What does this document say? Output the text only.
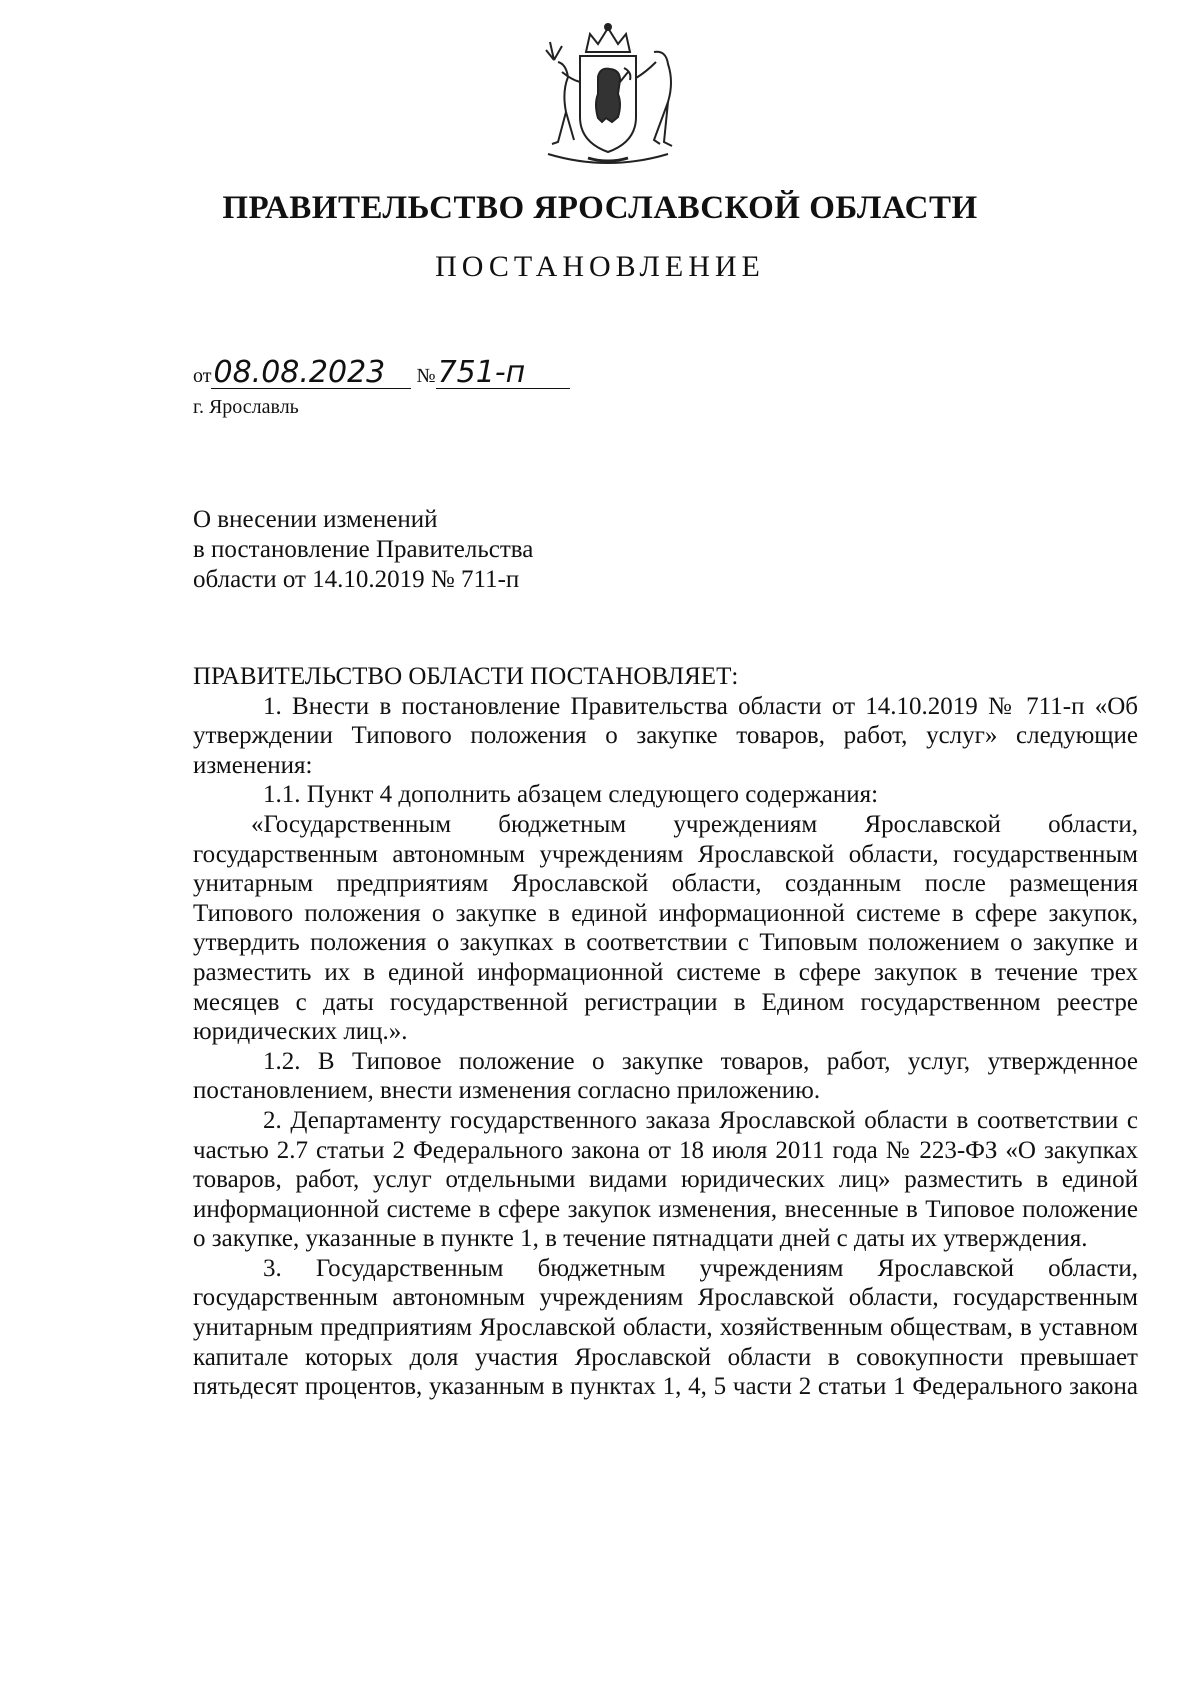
ПРАВИТЕЛЬСТВО ЯРОСЛАВСКОЙ ОБЛАСТИ
ПОСТАНОВЛЕНИЕ
от08.08.2023 №751-п
г. Ярославль
О внесении изменений
в постановление Правительства
области от 14.10.2019 № 711-п

ПРАВИТЕЛЬСТВО ОБЛАСТИ ПОСТАНОВЛЯЕТ:

1. Внести в постановление Правительства области от 14.10.2019 № 711-п «Об утверждении Типового положения о закупке товаров, работ, услуг» следующие изменения:

1.1. Пункт 4 дополнить абзацем следующего содержания:

«Государственным бюджетным учреждениям Ярославской области, государственным автономным учреждениям Ярославской области, государственным унитарным предприятиям Ярославской области, созданным после размещения Типового положения о закупке в единой информационной системе в сфере закупок, утвердить положения о закупках в соответствии с Типовым положением о закупке и разместить их в единой информационной системе в сфере закупок в течение трех месяцев с даты государственной регистрации в Едином государственном реестре юридических лиц.».

1.2. В Типовое положение о закупке товаров, работ, услуг, утвержденное постановлением, внести изменения согласно приложению.

2. Департаменту государственного заказа Ярославской области в соответствии с частью 2.7 статьи 2 Федерального закона от 18 июля 2011 года № 223-ФЗ «О закупках товаров, работ, услуг отдельными видами юридических лиц» разместить в единой информационной системе в сфере закупок изменения, внесенные в Типовое положение о закупке, указанные в пункте 1, в течение пятнадцати дней с даты их утверждения.

3. Государственным бюджетным учреждениям Ярославской области, государственным автономным учреждениям Ярославской области, государственным унитарным предприятиям Ярославской области, хозяйственным обществам, в уставном капитале которых доля участия Ярославской области в совокупности превышает пятьдесят процентов, указанным в пунктах 1, 4, 5 части 2 статьи 1 Федерального закона
